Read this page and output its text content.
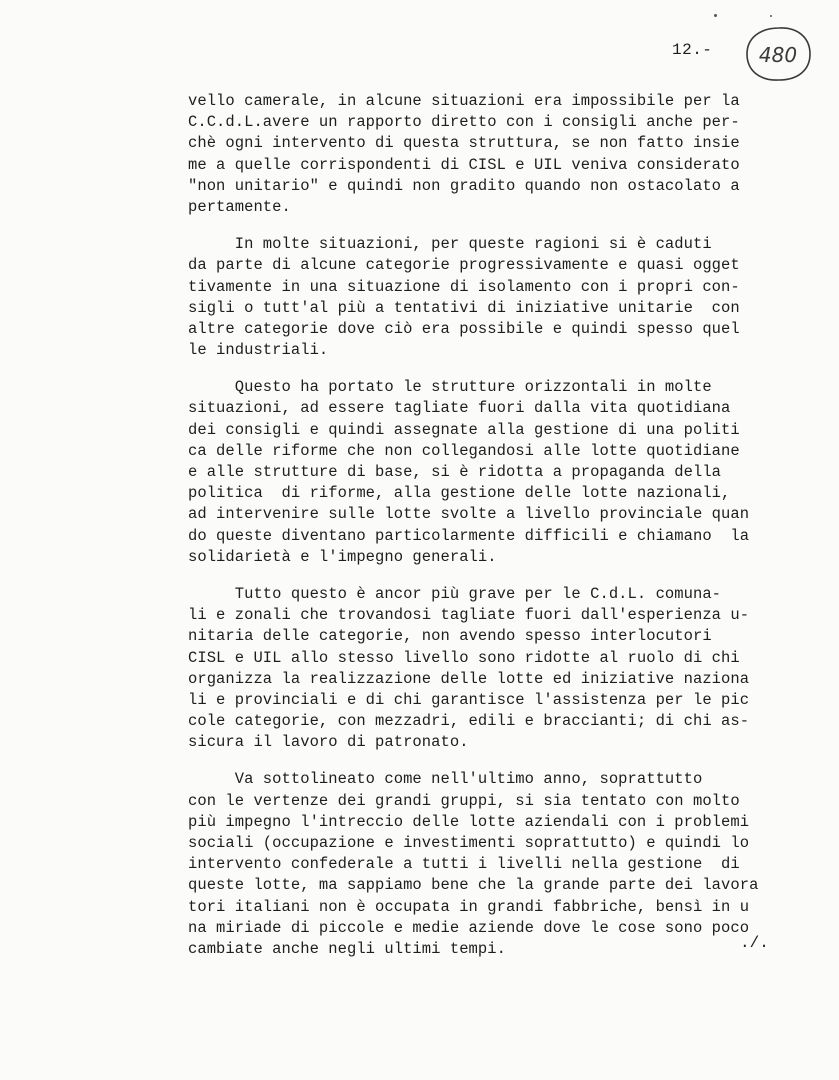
12.- 480
vello camerale, in alcune situazioni era impossibile per la
C.C.d.L.avere un rapporto diretto con i consigli anche per-
chè ogni intervento di questa struttura, se non fatto insie
me a quelle corrispondenti di CISL e UIL veniva considerato
"non unitario" e quindi non gradito quando non ostacolato a
pertamente.
In molte situazioni, per queste ragioni si è caduti
da parte di alcune categorie progressivamente e quasi ogget
tivamente in una situazione di isolamento con i propri con-
sigli o tutt'al più a tentativi di iniziative unitarie  con
altre categorie dove ciò era possibile e quindi spesso quel
le industriali.
Questo ha portato le strutture orizzontali in molte
situazioni, ad essere tagliate fuori dalla vita quotidiana
dei consigli e quindi assegnate alla gestione di una politi
ca delle riforme che non collegandosi alle lotte quotidiane
e alle strutture di base, si è ridotta a propaganda della
politica  di riforme, alla gestione delle lotte nazionali,
ad intervenire sulle lotte svolte a livello provinciale quan
do queste diventano particolarmente difficili e chiamano  la
solidarietà e l'impegno generali.
Tutto questo è ancor più grave per le C.d.L. comuna-
li e zonali che trovandosi tagliate fuori dall'esperienza u-
nitaria delle categorie, non avendo spesso interlocutori
CISL e UIL allo stesso livello sono ridotte al ruolo di chi
organizza la realizzazione delle lotte ed iniziative naziona
li e provinciali e di chi garantisce l'assistenza per le pic
cole categorie, con mezzadri, edili e braccianti; di chi as-
sicura il lavoro di patronato.
Va sottolineato come nell'ultimo anno, soprattutto
con le vertenze dei grandi gruppi, si sia tentato con molto
più impegno l'intreccio delle lotte aziendali con i problemi
sociali (occupazione e investimenti soprattutto) e quindi lo
intervento confederale a tutti i livelli nella gestione  di
queste lotte, ma sappiamo bene che la grande parte dei lavora
tori italiani non è occupata in grandi fabbriche, bensì in u
na miriade di piccole e medie aziende dove le cose sono poco
cambiate anche negli ultimi tempi.	./.
